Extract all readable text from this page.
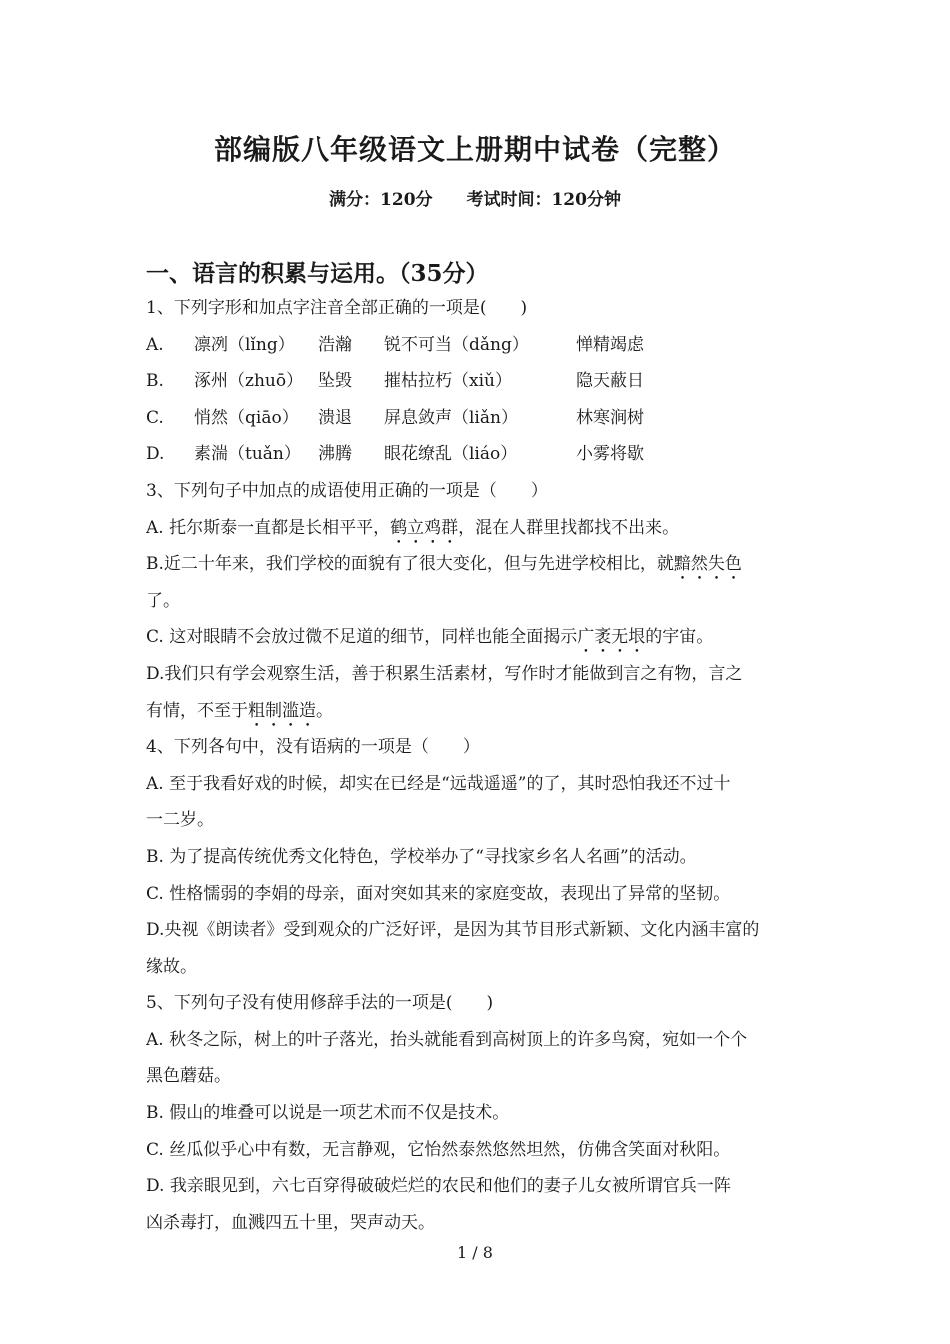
部编版八年级语文上册期中试卷（完整）
满分：120分 考试时间：120分钟
一、语言的积累与运用。（35分）
1、下列字形和加点字注音全部正确的一项是(　　)
A.	凛冽（lǐng）	浩瀚	锐不可当（dǎng）	惮精竭虑
B.	涿州（zhuō） 坠毁	摧枯拉朽（xiǔ）	隐天蔽日
C.	悄然（qiāo）	溃退	屏息敛声（liǎn）	林寒涧树
D.	素湍（tuǎn）	沸腾	眼花缭乱（liáo）	小雾将歇
3、下列句子中加点的成语使用正确的一项是（　　）
A. 托尔斯泰一直都是长相平平，鹤立鸡群，混在人群里找都找不出来。
B.近二十年来，我们学校的面貌有了很大变化，但与先进学校相比，就黯然失色
了。
C. 这对眼睛不会放过微不足道的细节，同样也能全面揭示广袤无垠的宇宙。
D.我们只有学会观察生活，善于积累生活素材，写作时才能做到言之有物，言之
有情，不至于粗制滥造。
4、下列各句中，没有语病的一项是（　　）
A. 至于我看好戏的时候，却实在已经是“远哉遥遥”的了，其时恐怕我还不过十
一二岁。
B. 为了提高传统优秀文化特色，学校举办了“寻找家乡名人名画”的活动。
C. 性格懦弱的李娟的母亲，面对突如其来的家庭变故，表现出了异常的坚韧。
D.央视《朗读者》受到观众的广泛好评，是因为其节目形式新颖、文化内涵丰富的
缘故。
5、下列句子没有使用修辞手法的一项是(　　)
A. 秋冬之际，树上的叶子落光，抬头就能看到高树顶上的许多鸟窝，宛如一个个
黑色蘑菇。
B. 假山的堆叠可以说是一项艺术而不仅是技术。
C. 丝瓜似乎心中有数，无言静观，它怡然泰然悠然坦然，仿佛含笑面对秋阳。
D. 我亲眼见到，六七百穿得破破烂烂的农民和他们的妻子儿女被所谓官兵一阵
凶杀毒打，血溅四五十里，哭声动天。
1 / 8
